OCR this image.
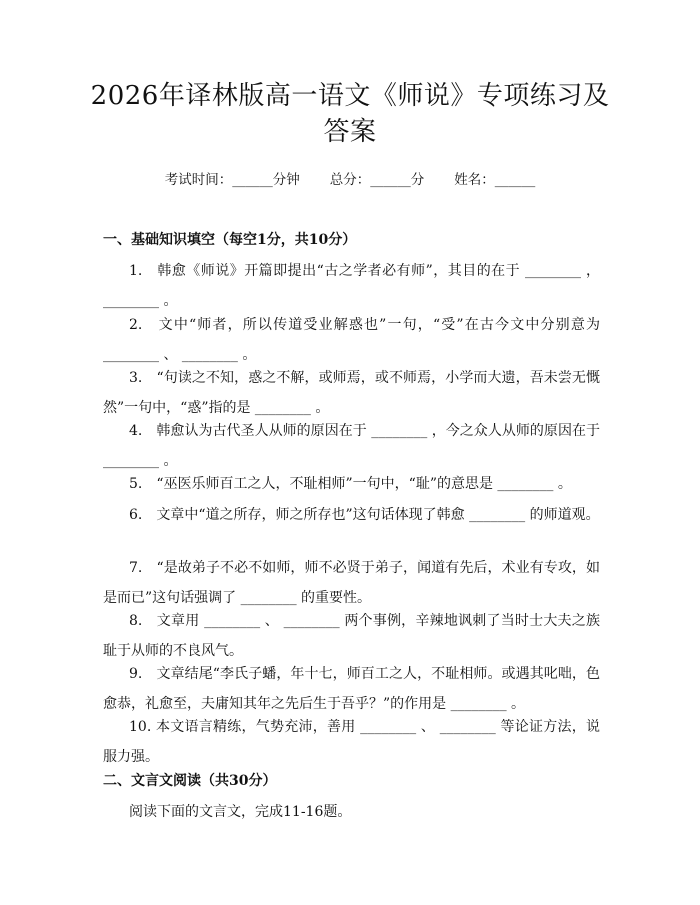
2026年译林版高一语文《师说》专项练习及答案
考试时间：______分钟 总分：______分 姓名：______
一、基础知识填空（每空1分，共10分）
1.　韩愈《师说》开篇即提出“古之学者必有师”，其目的在于 ________ ，________ 。
2.　文中“师者，所以传道受业解惑也”一句，“受”在古今文中分别意为 ________ 、 ________ 。
3.　“句读之不知，惑之不解，或师焉，或不师焉，小学而大遗，吾未尝无慨然”一句中，“惑”指的是 ________ 。
4.　韩愈认为古代圣人从师的原因在于 ________ ，今之众人从师的原因在于 ________ 。
5.　“巫医乐师百工之人，不耻相师”一句中，“耻”的意思是 ________ 。
6.　文章中“道之所存，师之所存也”这句话体现了韩愈 ________ 的师道观。
7.　“是故弟子不必不如师，师不必贤于弟子，闻道有先后，术业有专攻，如是而已”这句话强调了 ________ 的重要性。
8.　文章用 ________ 、 ________ 两个事例，辛辣地讽刺了当时士大夫之族耻于从师的不良风气。
9.　文章结尾“李氏子蟠，年十七，师百工之人，不耻相师。或遇其叱咄，色愈恭，礼愈至，夫庸知其年之先后生于吾乎？”的作用是 ________ 。
10. 本文语言精练，气势充沛，善用 ________ 、 ________ 等论证方法，说服力强。
二、文言文阅读（共30分）
阅读下面的文言文，完成11-16题。
